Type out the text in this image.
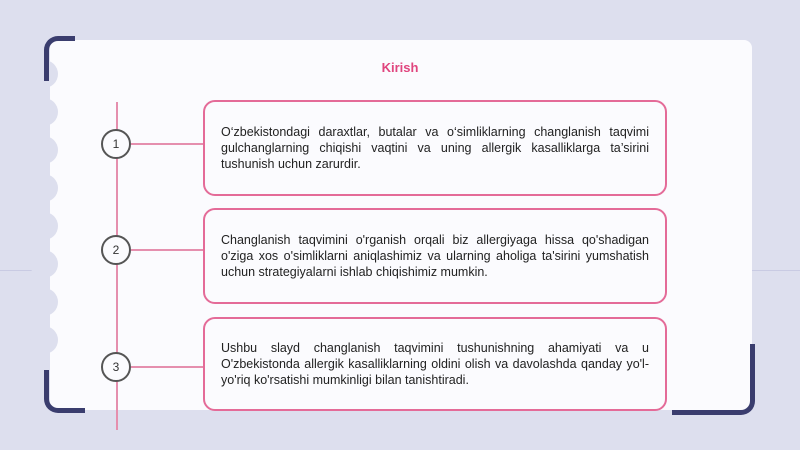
Kirish
1
2
3

O‘zbekistondagi daraxtlar, butalar va o‘simliklarning changlanish taqvimi gulchanglarning chiqishi vaqtini va uning allergik kasalliklarga ta’sirini tushunish uchun zarurdir.

Changlanish taqvimini o'rganish orqali biz allergiyaga hissa qo'shadigan o'ziga xos o'simliklarni aniqlashimiz va ularning aholiga ta'sirini yumshatish uchun strategiyalarni ishlab chiqishimiz mumkin.

Ushbu slayd changlanish taqvimini tushunishning ahamiyati va u O'zbekistonda allergik kasalliklarning oldini olish va davolashda qanday yo'l-yo'riq ko'rsatishi mumkinligi bilan tanishtiradi.
